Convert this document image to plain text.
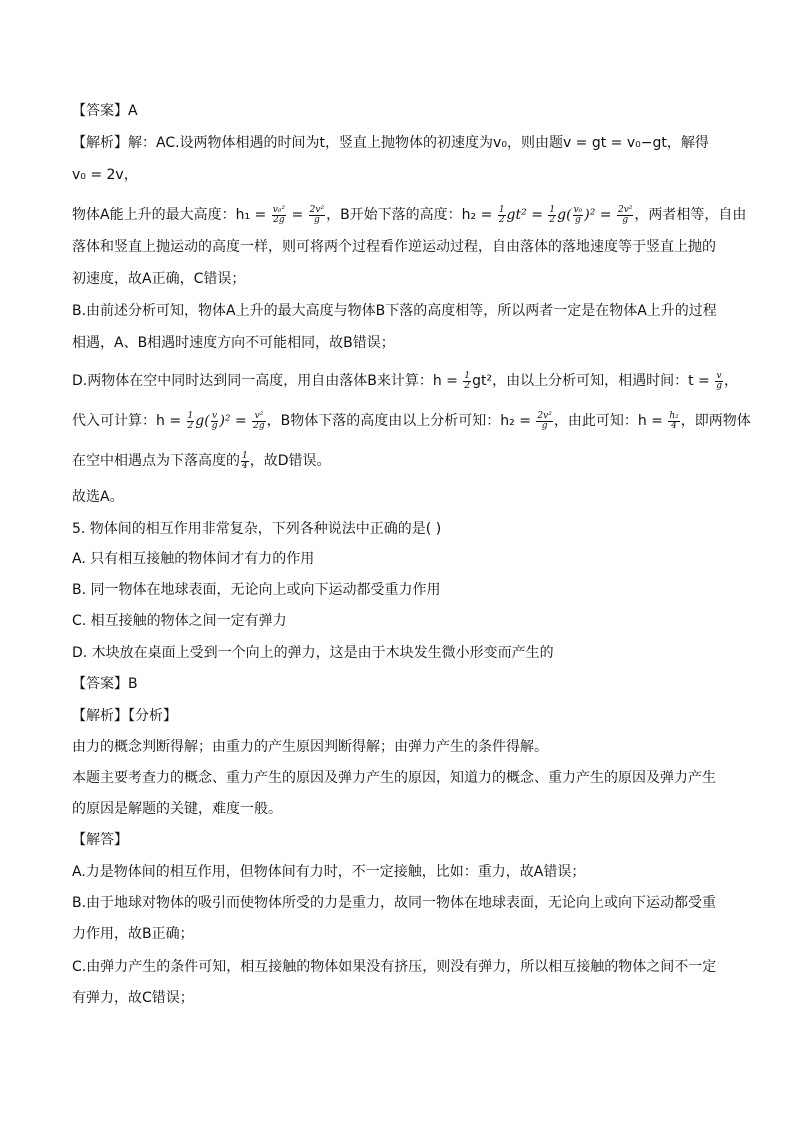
【答案】A
【解析】解：AC.设两物体相遇的时间为t，竖直上抛物体的初速度为v₀，则由题v = gt = v₀−gt，解得
v₀ = 2v，
物体A能上升的最大高度：$h_1 = \frac{\text{v₀²}}{2g} = \frac{\text{2v²}}{g}$ ，B开始下落的高度：$h_2 = \frac{1}{2} gt^2 = \frac{1}{2} g( \frac{\text{v₀}}{g} )^2 = \frac{\text{2v²}}{g}$ ，两者相等，自由
落体和竖直上抛运动的高度一样，则可将两个过程看作逆运动过程，自由落体的落地速度等于竖直上抛的
初速度，故A正确，C错误；
B.由前述分析可知，物体A上升的最大高度与物体B下落的高度相等，所以两者一定是在物体A上升的过程
相遇，A、B相遇时速度方向不可能相同，故B错误；
D.两物体在空中同时达到同一高度，用自由落体B来计算：$h = \frac{1}{2} gt^2$，由以上分析可知，相遇时间：$t = \frac{v}{g}$ ，
代入可计算：$h = \frac{1}{2} g( \frac{v}{g} )^2 = \frac{\text{v²}}{2g}$ ，B物体下落的高度由以上分析可知：$h_2 = \frac{\text{2v²}}{g}$ ，由此可知：$h = \frac{\text{h₂}}{4}$ ，即两物体
在空中相遇点为下落高度的 $\frac{1}{4}$ ，故D错误。
故选A。
5. 物体间的相互作用非常复杂，下列各种说法中正确的是( )
A. 只有相互接触的物体间才有力的作用
B. 同一物体在地球表面，无论向上或向下运动都受重力作用
C. 相互接触的物体之间一定有弹力
D. 木块放在桌面上受到一个向上的弹力，这是由于木块发生微小形变而产生的
【答案】B
【解析】【分析】
由力的概念判断得解；由重力的产生原因判断得解；由弹力产生的条件得解。
本题主要考查力的概念、重力产生的原因及弹力产生的原因，知道力的概念、重力产生的原因及弹力产生
的原因是解题的关键，难度一般。
【解答】
A.力是物体间的相互作用，但物体间有力时，不一定接触，比如：重力，故A错误；
B.由于地球对物体的吸引而使物体所受的力是重力，故同一物体在地球表面，无论向上或向下运动都受重
力作用，故B正确；
C.由弹力产生的条件可知，相互接触的物体如果没有挤压，则没有弹力，所以相互接触的物体之间不一定
有弹力，故C错误；
